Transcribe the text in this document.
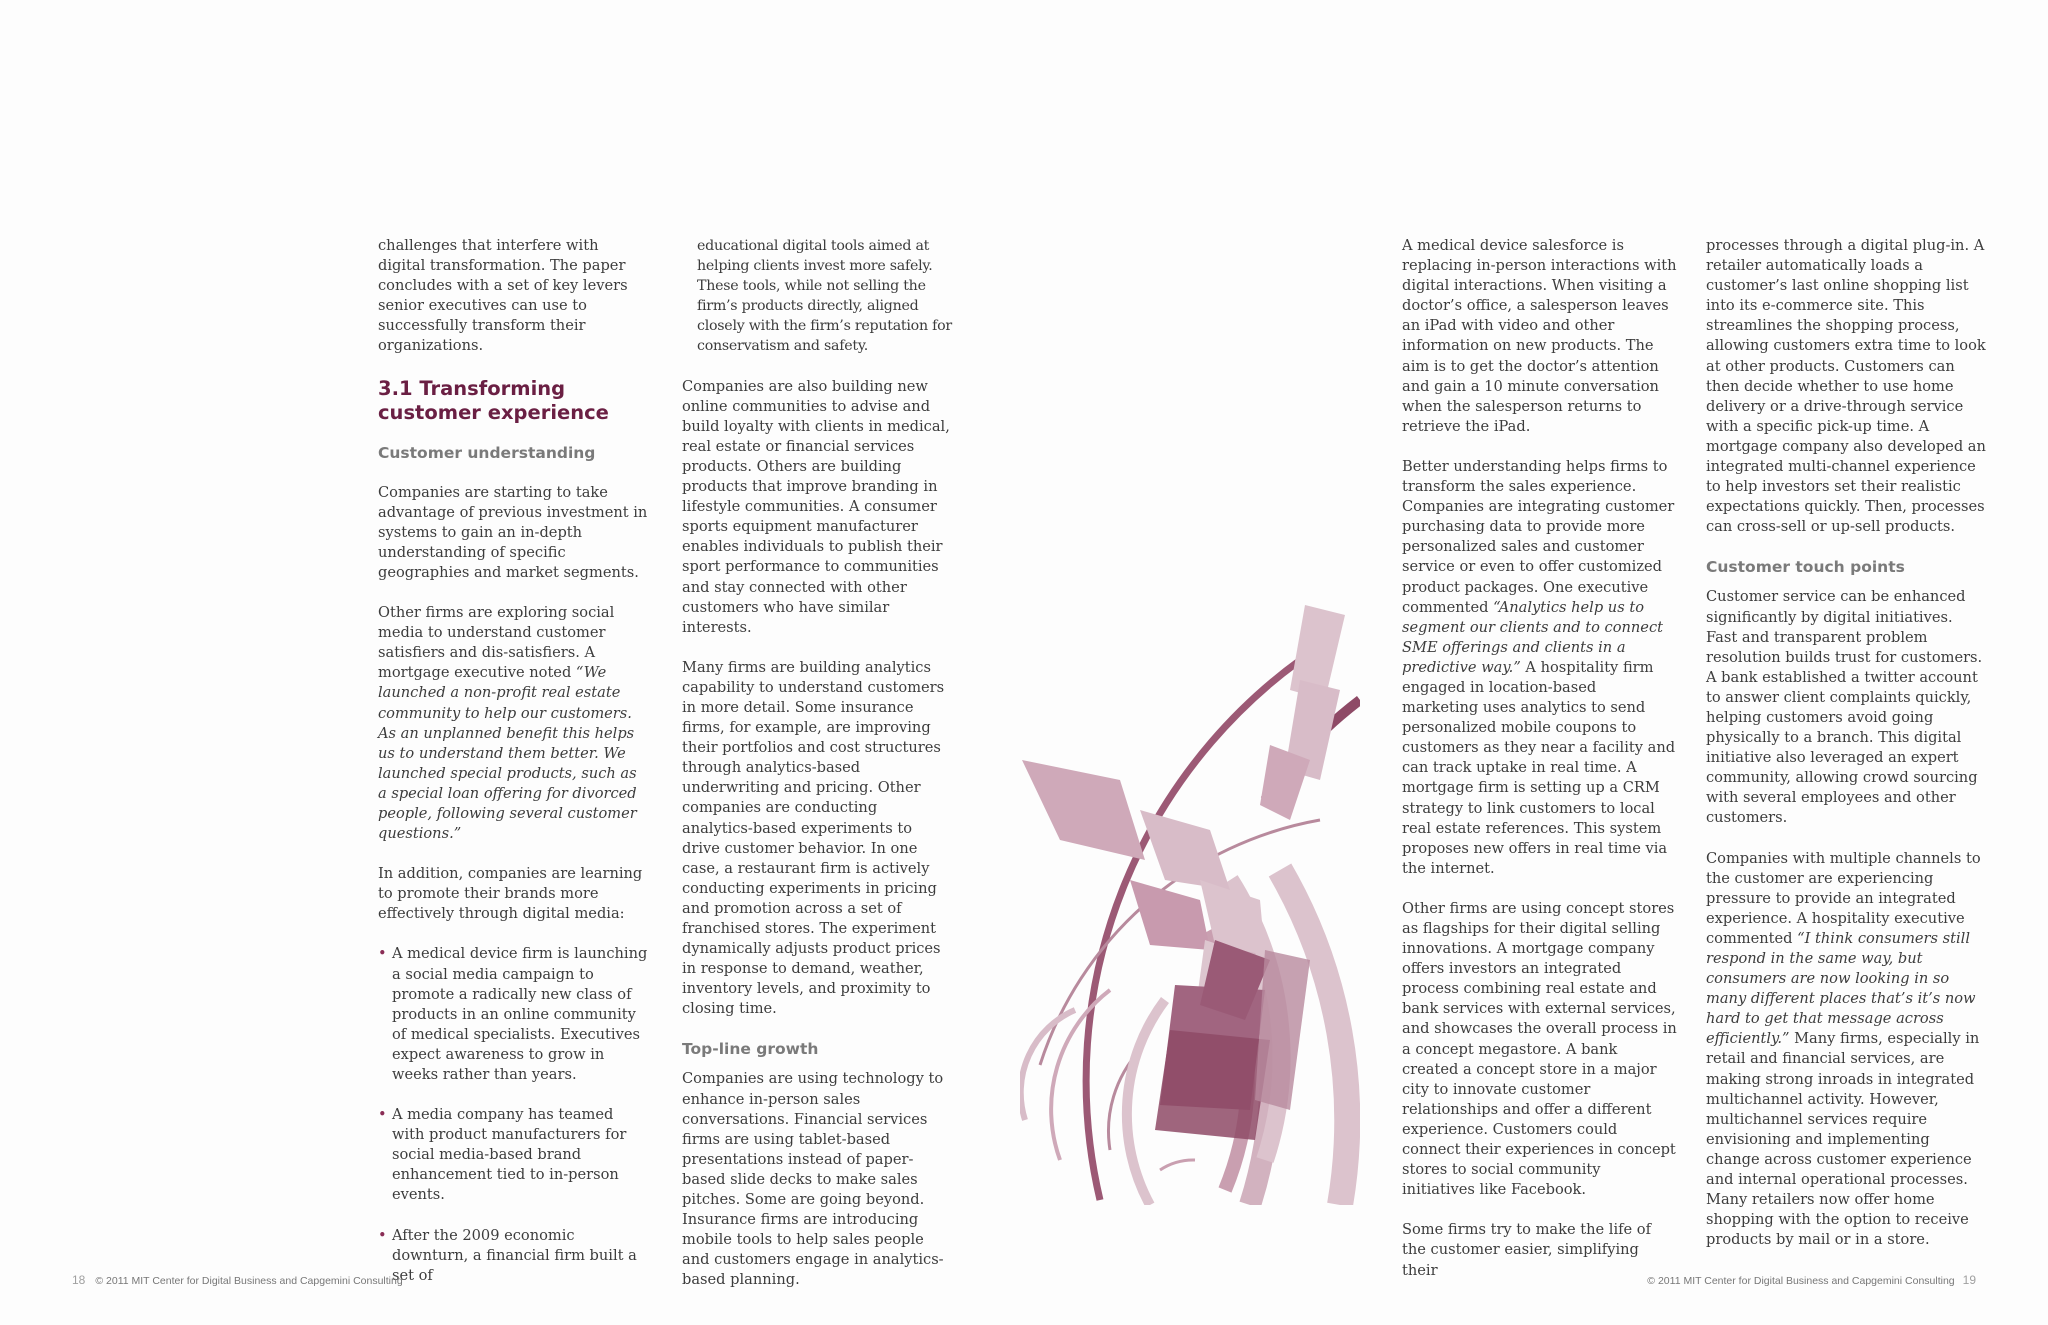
challenges that interfere with digital transformation. The paper concludes with a set of key levers senior executives can use to successfully transform their organizations.

3.1 Transforming customer experience
Customer understanding

Companies are starting to take advantage of previous investment in systems to gain an in-depth understanding of specific geographies and market segments.

Other firms are exploring social media to understand customer satisfiers and dis-satisfiers. A mortgage executive noted “We launched a non-profit real estate community to help our customers. As an unplanned benefit this helps us to understand them better. We launched special products, such as a special loan offering for divorced people, following several customer questions.”

In addition, companies are learning to promote their brands more effectively through digital media:

• A medical device firm is launching a social media campaign to promote a radically new class of products in an online community of medical specialists. Executives expect awareness to grow in weeks rather than years.
• A media company has teamed with product manufacturers for social media-based brand enhancement tied to in-person events.
• After the 2009 economic downturn, a financial firm built a set of

educational digital tools aimed at helping clients invest more safely. These tools, while not selling the firm’s products directly, aligned closely with the firm’s reputation for conservatism and safety.

Companies are also building new online communities to advise and build loyalty with clients in medical, real estate or financial services products. Others are building products that improve branding in lifestyle communities. A consumer sports equipment manufacturer enables individuals to publish their sport performance to communities and stay connected with other customers who have similar interests.

Many firms are building analytics capability to understand customers in more detail. Some insurance firms, for example, are improving their portfolios and cost structures through analytics-based underwriting and pricing. Other companies are conducting analytics-based experiments to drive customer behavior. In one case, a restaurant firm is actively conducting experiments in pricing and promotion across a set of franchised stores. The experiment dynamically adjusts product prices in response to demand, weather, inventory levels, and proximity to closing time.

Top-line growth

Companies are using technology to enhance in-person sales conversations. Financial services firms are using tablet-based presentations instead of paper-based slide decks to make sales pitches. Some are going beyond. Insurance firms are introducing mobile tools to help sales people and customers engage in analytics-based planning.

A medical device salesforce is replacing in-person interactions with digital interactions. When visiting a doctor’s office, a salesperson leaves an iPad with video and other information on new products. The aim is to get the doctor’s attention and gain a 10 minute conversation when the salesperson returns to retrieve the iPad.

Better understanding helps firms to transform the sales experience. Companies are integrating customer purchasing data to provide more personalized sales and customer service or even to offer customized product packages. One executive commented “Analytics help us to segment our clients and to connect SME offerings and clients in a predictive way.” A hospitality firm engaged in location-based marketing uses analytics to send personalized mobile coupons to customers as they near a facility and can track uptake in real time. A mortgage firm is setting up a CRM strategy to link customers to local real estate references. This system proposes new offers in real time via the internet.

Other firms are using concept stores as flagships for their digital selling innovations. A mortgage company offers investors an integrated process combining real estate and bank services with external services, and showcases the overall process in a concept megastore. A bank created a concept store in a major city to innovate customer relationships and offer a different experience. Customers could connect their experiences in concept stores to social community initiatives like Facebook.

Some firms try to make the life of the customer easier, simplifying their

processes through a digital plug-in. A retailer automatically loads a customer’s last online shopping list into its e-commerce site. This streamlines the shopping process, allowing customers extra time to look at other products. Customers can then decide whether to use home delivery or a drive-through service with a specific pick-up time. A mortgage company also developed an integrated multi-channel experience to help investors set their realistic expectations quickly. Then, processes can cross-sell or up-sell products.

Customer touch points

Customer service can be enhanced significantly by digital initiatives. Fast and transparent problem resolution builds trust for customers. A bank established a twitter account to answer client complaints quickly, helping customers avoid going physically to a branch. This digital initiative also leveraged an expert community, allowing crowd sourcing with several employees and other customers.

Companies with multiple channels to the customer are experiencing pressure to provide an integrated experience. A hospitality executive commented “I think consumers still respond in the same way, but consumers are now looking in so many different places that’s it’s now hard to get that message across efficiently.” Many firms, especially in retail and financial services, are making strong inroads in integrated multichannel activity. However, multichannel services require envisioning and implementing change across customer experience and internal operational processes. Many retailers now offer home shopping with the option to receive products by mail or in a store.

18 © 2011 MIT Center for Digital Business and Capgemini Consulting	© 2011 MIT Center for Digital Business and Capgemini Consulting 19
